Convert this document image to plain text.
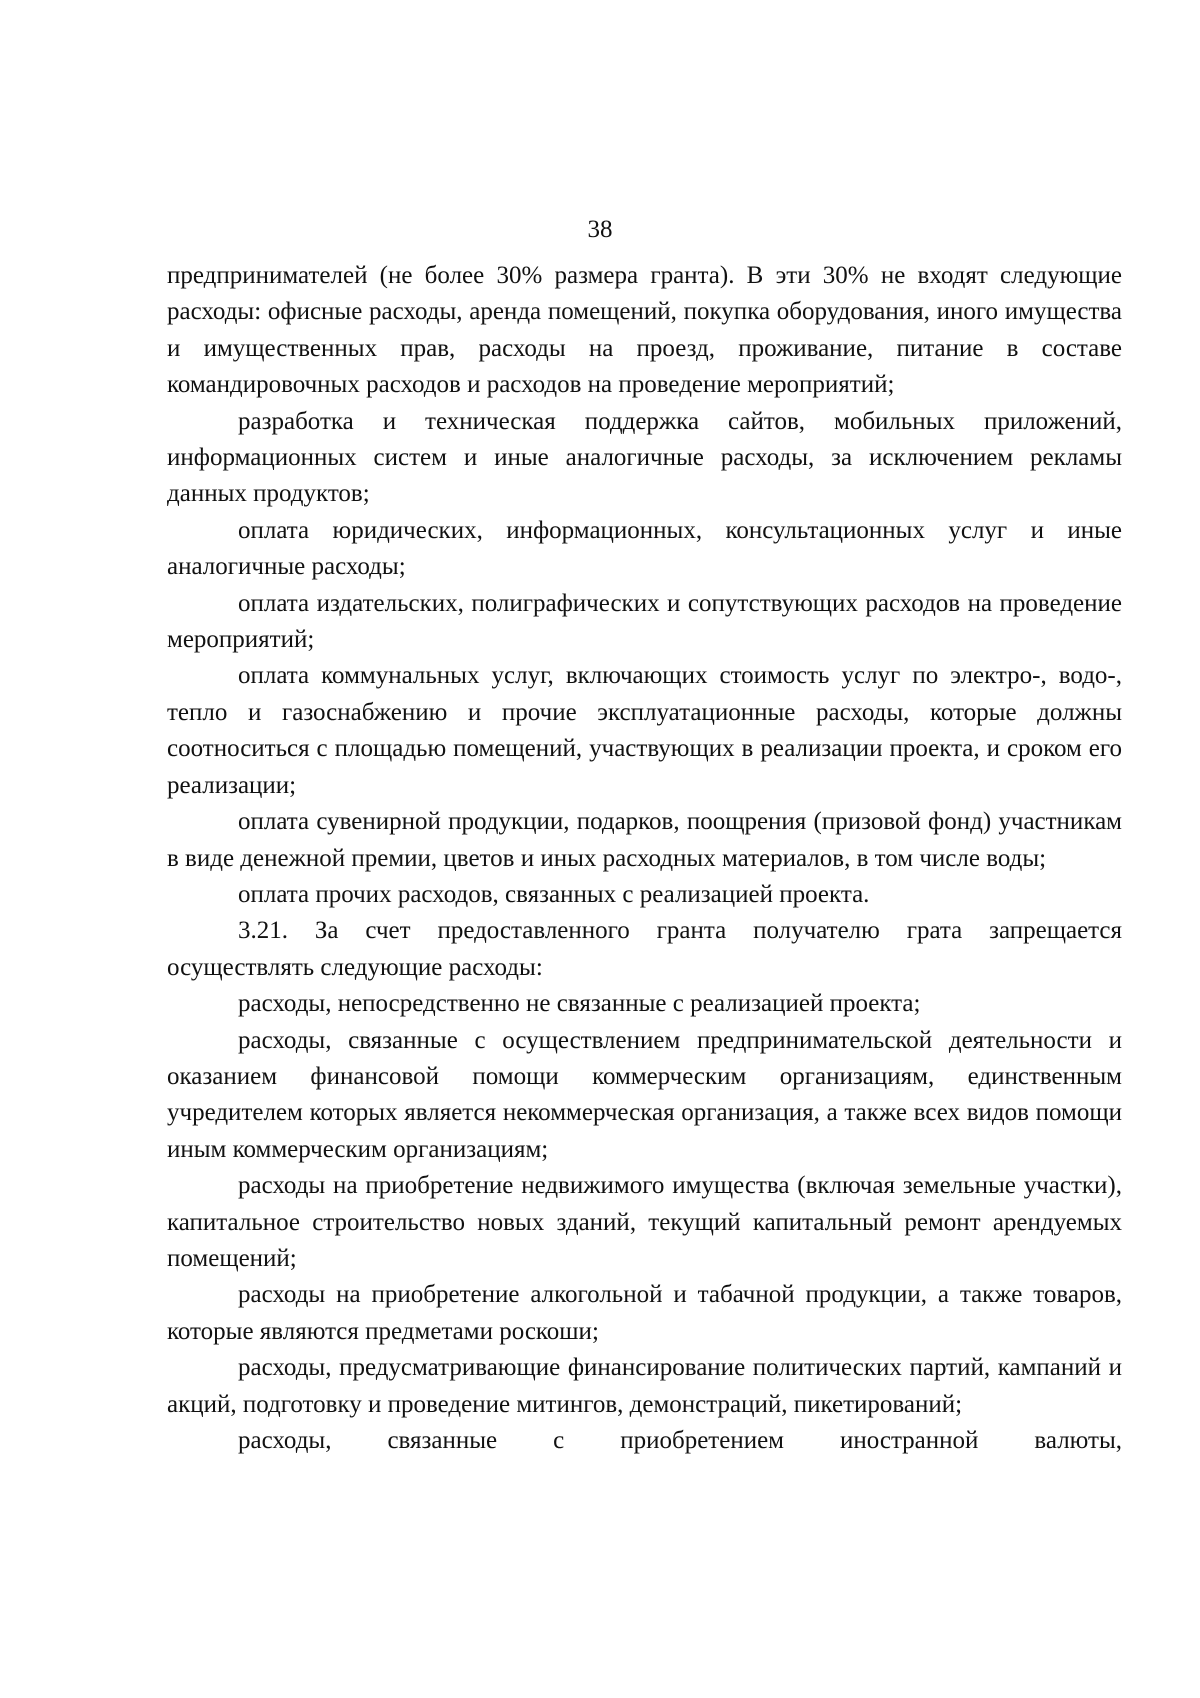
38

предпринимателей (не более 30% размера гранта). В эти 30% не входят следующие расходы: офисные расходы, аренда помещений, покупка оборудования, иного имущества и имущественных прав, расходы на проезд, проживание, питание в составе командировочных расходов и расходов на проведение мероприятий;

разработка и техническая поддержка сайтов, мобильных приложений, информационных систем и иные аналогичные расходы, за исключением рекламы данных продуктов;

оплата юридических, информационных, консультационных услуг и иные аналогичные расходы;

оплата издательских, полиграфических и сопутствующих расходов на проведение мероприятий;

оплата коммунальных услуг, включающих стоимость услуг по электро-, водо-, тепло и газоснабжению и прочие эксплуатационные расходы, которые должны соотноситься с площадью помещений, участвующих в реализации проекта, и сроком его реализации;

оплата сувенирной продукции, подарков, поощрения (призовой фонд) участникам в виде денежной премии, цветов и иных расходных материалов, в том числе воды;

оплата прочих расходов, связанных с реализацией проекта.

3.21. За счет предоставленного гранта получателю грата запрещается осуществлять следующие расходы:

расходы, непосредственно не связанные с реализацией проекта;

расходы, связанные с осуществлением предпринимательской деятельности и оказанием финансовой помощи коммерческим организациям, единственным учредителем которых является некоммерческая организация, а также всех видов помощи иным коммерческим организациям;

расходы на приобретение недвижимого имущества (включая земельные участки), капитальное строительство новых зданий, текущий капитальный ремонт арендуемых помещений;

расходы на приобретение алкогольной и табачной продукции, а также товаров, которые являются предметами роскоши;

расходы, предусматривающие финансирование политических партий, кампаний и акций, подготовку и проведение митингов, демонстраций, пикетирований;

расходы, связанные с приобретением иностранной валюты,
